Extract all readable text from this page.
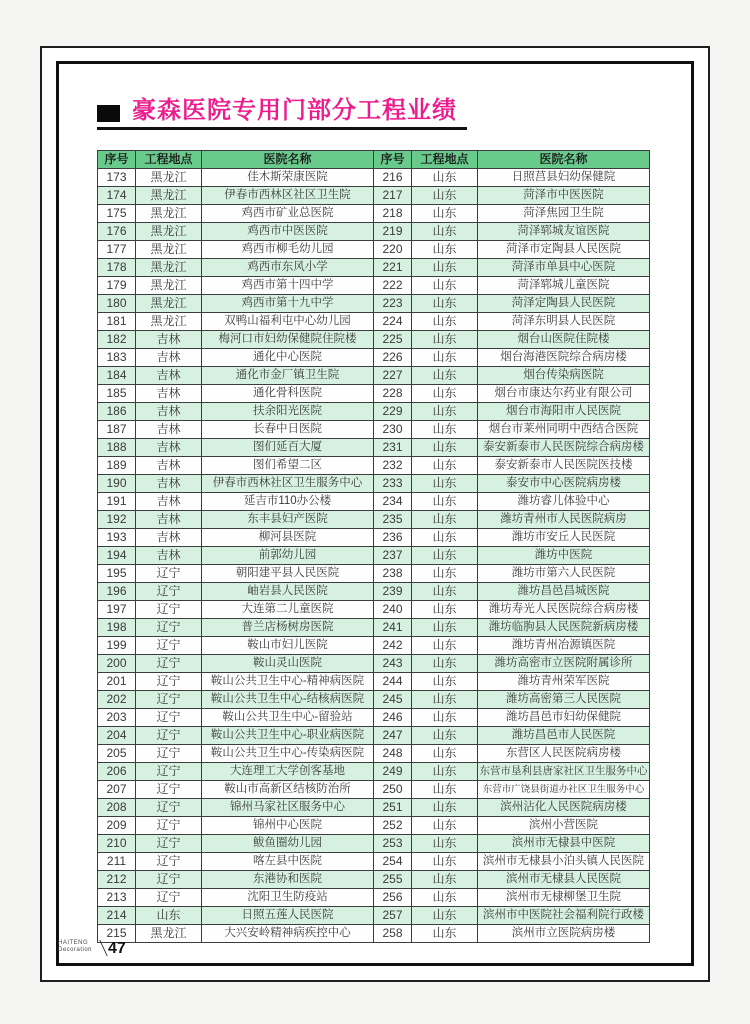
豪森医院专用门部分工程业绩
序号	工程地点	医院名称	序号	工程地点	医院名称
173	黑龙江	佳木斯荣康医院	216	山东	日照莒县妇幼保健院
174	黑龙江	伊春市西林区社区卫生院	217	山东	菏泽市中医医院
175	黑龙江	鸡西市矿业总医院	218	山东	菏泽焦园卫生院
176	黑龙江	鸡西市中医医院	219	山东	菏泽郓城友谊医院
177	黑龙江	鸡西市柳毛幼儿园	220	山东	菏泽市定陶县人民医院
178	黑龙江	鸡西市东风小学	221	山东	菏泽市单县中心医院
179	黑龙江	鸡西市第十四中学	222	山东	菏泽郓城儿童医院
180	黑龙江	鸡西市第十九中学	223	山东	菏泽定陶县人民医院
181	黑龙江	双鸭山福利屯中心幼儿园	224	山东	菏泽东明县人民医院
182	吉林	梅河口市妇幼保健院住院楼	225	山东	烟台山医院住院楼
183	吉林	通化中心医院	226	山东	烟台海港医院综合病房楼
184	吉林	通化市金厂镇卫生院	227	山东	烟台传染病医院
185	吉林	通化骨科医院	228	山东	烟台市康达尔药业有限公司
186	吉林	扶余阳光医院	229	山东	烟台市海阳市人民医院
187	吉林	长春中日医院	230	山东	烟台市莱州同明中西结合医院
188	吉林	图们延百大厦	231	山东	泰安新泰市人民医院综合病房楼
189	吉林	图们希望二区	232	山东	泰安新泰市人民医院医技楼
190	吉林	伊春市西林社区卫生服务中心	233	山东	泰安市中心医院病房楼
191	吉林	延吉市110办公楼	234	山东	潍坊睿儿体验中心
192	吉林	东丰县妇产医院	235	山东	潍坊青州市人民医院病房
193	吉林	柳河县医院	236	山东	潍坊市安丘人民医院
194	吉林	前郭幼儿园	237	山东	潍坊中医院
195	辽宁	朝阳建平县人民医院	238	山东	潍坊市第六人民医院
196	辽宁	岫岩县人民医院	239	山东	潍坊昌邑昌城医院
197	辽宁	大连第二儿童医院	240	山东	潍坊寿光人民医院综合病房楼
198	辽宁	普兰店杨树房医院	241	山东	潍坊临朐县人民医院新病房楼
199	辽宁	鞍山市妇儿医院	242	山东	潍坊青州冶源镇医院
200	辽宁	鞍山灵山医院	243	山东	潍坊高密市立医院附属诊所
201	辽宁	鞍山公共卫生中心-精神病医院	244	山东	潍坊青州荣军医院
202	辽宁	鞍山公共卫生中心-结核病医院	245	山东	潍坊高密第三人民医院
203	辽宁	鞍山公共卫生中心-留验站	246	山东	潍坊昌邑市妇幼保健院
204	辽宁	鞍山公共卫生中心-职业病医院	247	山东	潍坊昌邑市人民医院
205	辽宁	鞍山公共卫生中心-传染病医院	248	山东	东营区人民医院病房楼
206	辽宁	大连理工大学创客基地	249	山东	东营市垦利县唐家社区卫生服务中心
207	辽宁	鞍山市高新区结核防治所	250	山东	东营市广饶县街道办社区卫生服务中心
208	辽宁	锦州马家社区服务中心	251	山东	滨州沾化人民医院病房楼
209	辽宁	锦州中心医院	252	山东	滨州小营医院
210	辽宁	鲅鱼圈幼儿园	253	山东	滨州市无棣县中医院
211	辽宁	喀左县中医院	254	山东	滨州市无棣县小泊头镇人民医院
212	辽宁	东港协和医院	255	山东	滨州市无棣县人民医院
213	辽宁	沈阳卫生防疫站	256	山东	滨州市无棣柳堡卫生院
214	山东	日照五莲人民医院	257	山东	滨州市中医院社会福利院行政楼
215	黑龙江	大兴安岭精神病疾控中心	258	山东	滨州市立医院病房楼
HAITENG
Decoration 47
